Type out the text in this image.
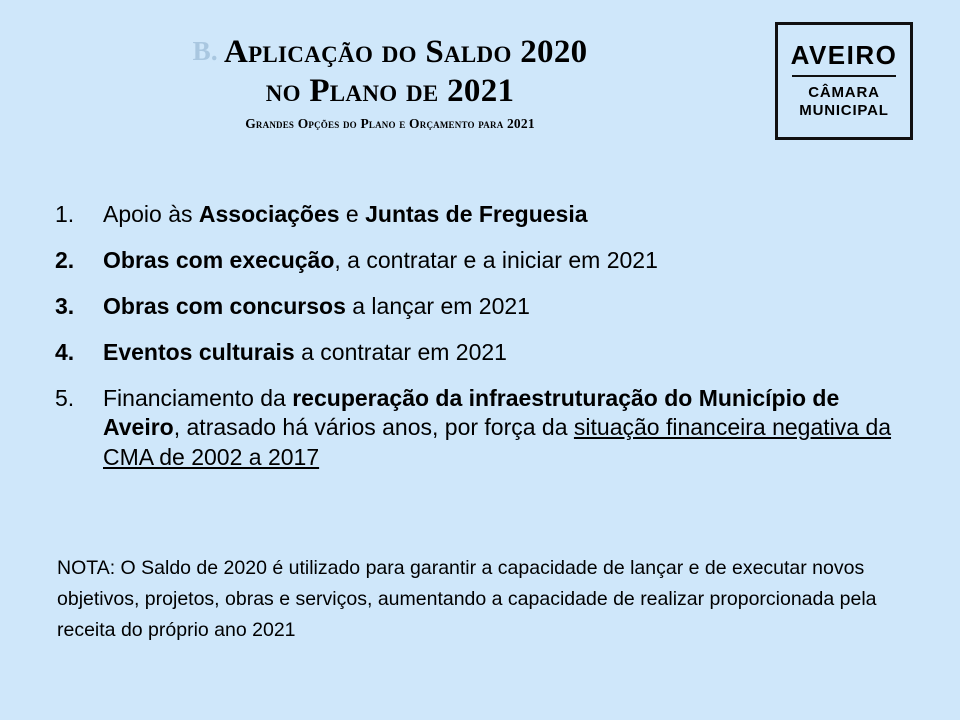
B. Aplicação do Saldo 2020
no Plano de 2021
Grandes Opções do Plano e Orçamento para 2021
AVEIRO
CÂMARA
MUNICIPAL
1.	Apoio às Associações e Juntas de Freguesia
2.	Obras com execução, a contratar e a iniciar em 2021
3.	Obras com concursos a lançar em 2021
4.	Eventos culturais a contratar em 2021
5.	Financiamento da recuperação da infraestruturação do Município de Aveiro, atrasado há vários anos, por força da situação financeira negativa da CMA de 2002 a 2017
NOTA: O Saldo de 2020 é utilizado para garantir a capacidade de lançar e de executar novos objetivos, projetos, obras e serviços, aumentando a capacidade de realizar proporcionada pela receita do próprio ano 2021
